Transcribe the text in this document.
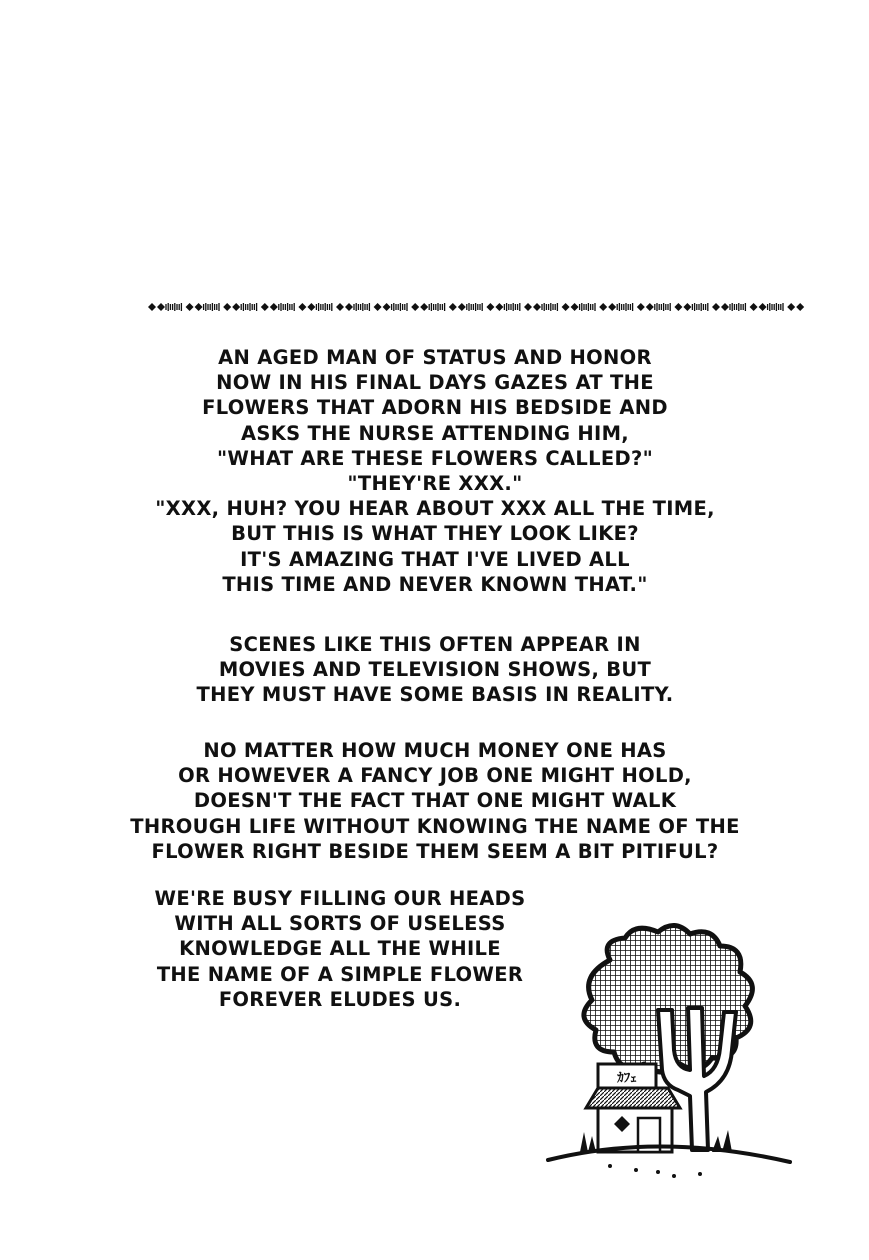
AN AGED MAN OF STATUS AND HONOR
NOW IN HIS FINAL DAYS GAZES AT THE
FLOWERS THAT ADORN HIS BEDSIDE AND
ASKS THE NURSE ATTENDING HIM,
"WHAT ARE THESE FLOWERS CALLED?"
"THEY'RE XXX."
"XXX, HUH? YOU HEAR ABOUT XXX ALL THE TIME,
BUT THIS IS WHAT THEY LOOK LIKE?
IT'S AMAZING THAT I'VE LIVED ALL
THIS TIME AND NEVER KNOWN THAT."
SCENES LIKE THIS OFTEN APPEAR IN
MOVIES AND TELEVISION SHOWS, BUT
THEY MUST HAVE SOME BASIS IN REALITY.
NO MATTER HOW MUCH MONEY ONE HAS
OR HOWEVER A FANCY JOB ONE MIGHT HOLD,
DOESN'T THE FACT THAT ONE MIGHT WALK
THROUGH LIFE WITHOUT KNOWING THE NAME OF THE
FLOWER RIGHT BESIDE THEM SEEM A BIT PITIFUL?
WE'RE BUSY FILLING OUR HEADS
WITH ALL SORTS OF USELESS
KNOWLEDGE ALL THE WHILE
THE NAME OF A SIMPLE FLOWER
FOREVER ELUDES US.
ｶﾌｪ
